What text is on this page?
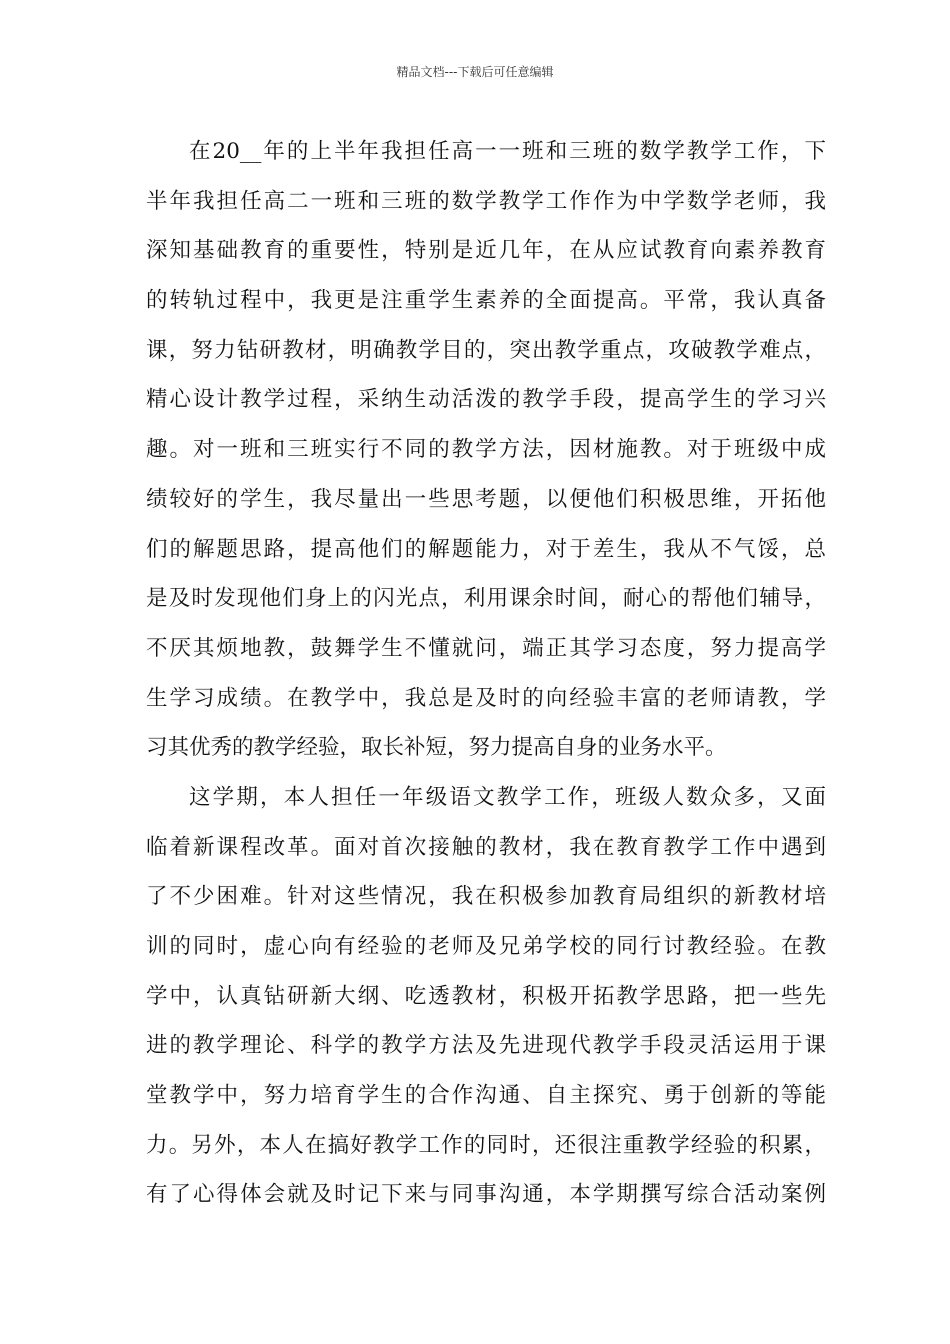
精品文档---下载后可任意编辑
在20__年的上半年我担任高一一班和三班的数学教学工作，下
半年我担任高二一班和三班的数学教学工作作为中学数学老师，我
深知基础教育的重要性，特别是近几年，在从应试教育向素养教育
的转轨过程中，我更是注重学生素养的全面提高。平常，我认真备
课，努力钻研教材，明确教学目的，突出教学重点，攻破教学难点，
精心设计教学过程，采纳生动活泼的教学手段，提高学生的学习兴
趣。对一班和三班实行不同的教学方法，因材施教。对于班级中成
绩较好的学生，我尽量出一些思考题，以便他们积极思维，开拓他
们的解题思路，提高他们的解题能力，对于差生，我从不气馁，总
是及时发现他们身上的闪光点，利用课余时间，耐心的帮他们辅导，
不厌其烦地教，鼓舞学生不懂就问，端正其学习态度，努力提高学
生学习成绩。在教学中，我总是及时的向经验丰富的老师请教，学
习其优秀的教学经验，取长补短，努力提高自身的业务水平。
这学期，本人担任一年级语文教学工作，班级人数众多，又面
临着新课程改革。面对首次接触的教材，我在教育教学工作中遇到
了不少困难。针对这些情况，我在积极参加教育局组织的新教材培
训的同时，虚心向有经验的老师及兄弟学校的同行讨教经验。在教
学中，认真钻研新大纲、吃透教材，积极开拓教学思路，把一些先
进的教学理论、科学的教学方法及先进现代教学手段灵活运用于课
堂教学中，努力培育学生的合作沟通、自主探究、勇于创新的等能
力。另外，本人在搞好教学工作的同时，还很注重教学经验的积累，
有了心得体会就及时记下来与同事沟通，本学期撰写综合活动案例
